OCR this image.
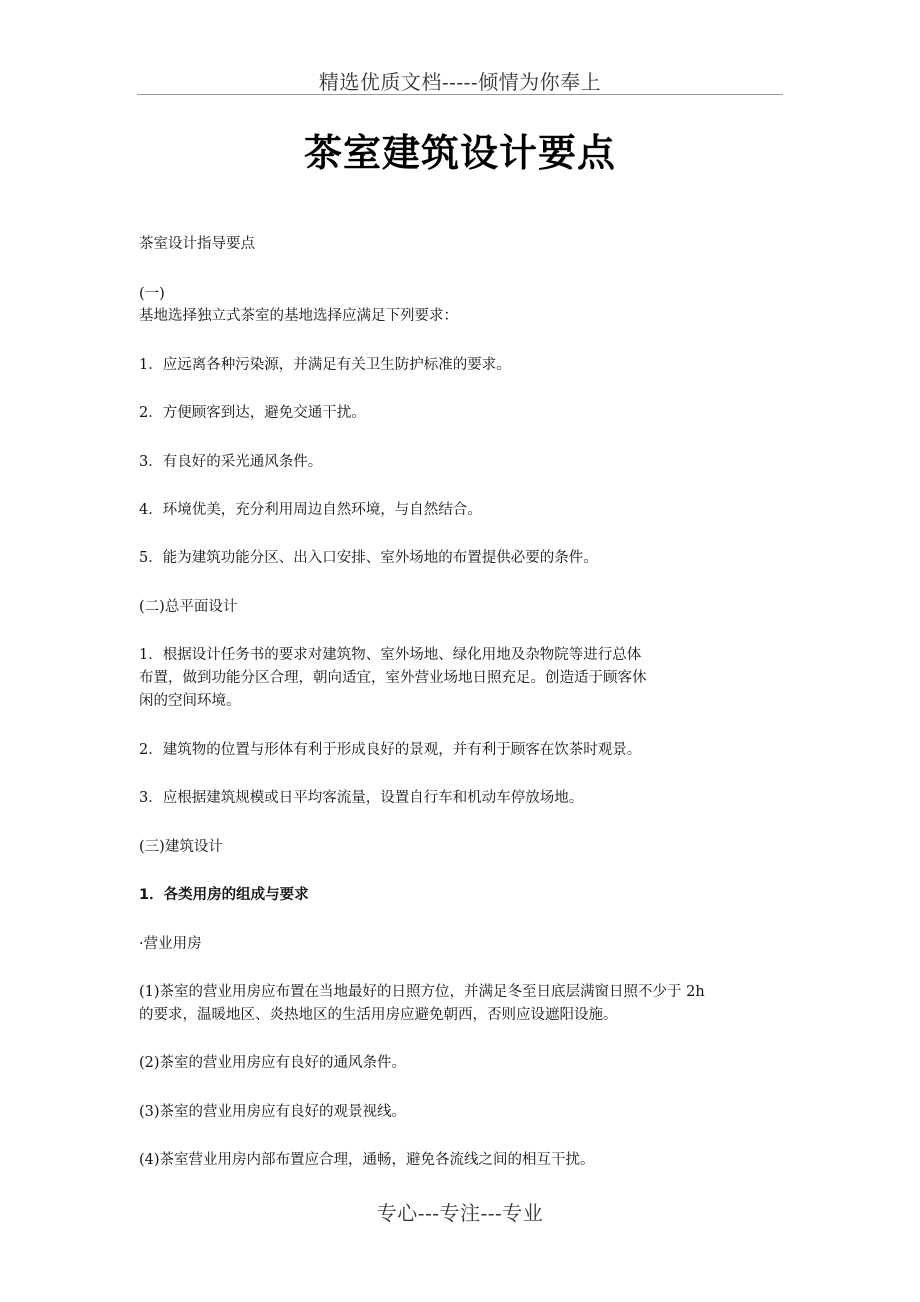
精选优质文档-----倾情为你奉上
茶室建筑设计要点
茶室设计指导要点
(一)
基地选择独立式茶室的基地选择应满足下列要求：
1．应远离各种污染源，并满足有关卫生防护标准的要求。
2．方便顾客到达，避免交通干扰。
3．有良好的采光通风条件。
4．环境优美，充分利用周边自然环境，与自然结合。
5．能为建筑功能分区、出入口安排、室外场地的布置提供必要的条件。
(二)总平面设计
1．根据设计任务书的要求对建筑物、室外场地、绿化用地及杂物院等进行总体
布置，做到功能分区合理，朝向适宜，室外营业场地日照充足。创造适于顾客休
闲的空间环境。
2．建筑物的位置与形体有利于形成良好的景观，并有利于顾客在饮茶时观景。
3．应根据建筑规模或日平均客流量，设置自行车和机动车停放场地。
(三)建筑设计
1．各类用房的组成与要求
·营业用房
(1)茶室的营业用房应布置在当地最好的日照方位，并满足冬至日底层满窗日照不少于 2h
的要求，温暖地区、炎热地区的生活用房应避免朝西，否则应设遮阳设施。
(2)茶室的营业用房应有良好的通风条件。
(3)茶室的营业用房应有良好的观景视线。
(4)茶室营业用房内部布置应合理，通畅，避免各流线之间的相互干扰。
专心---专注---专业
